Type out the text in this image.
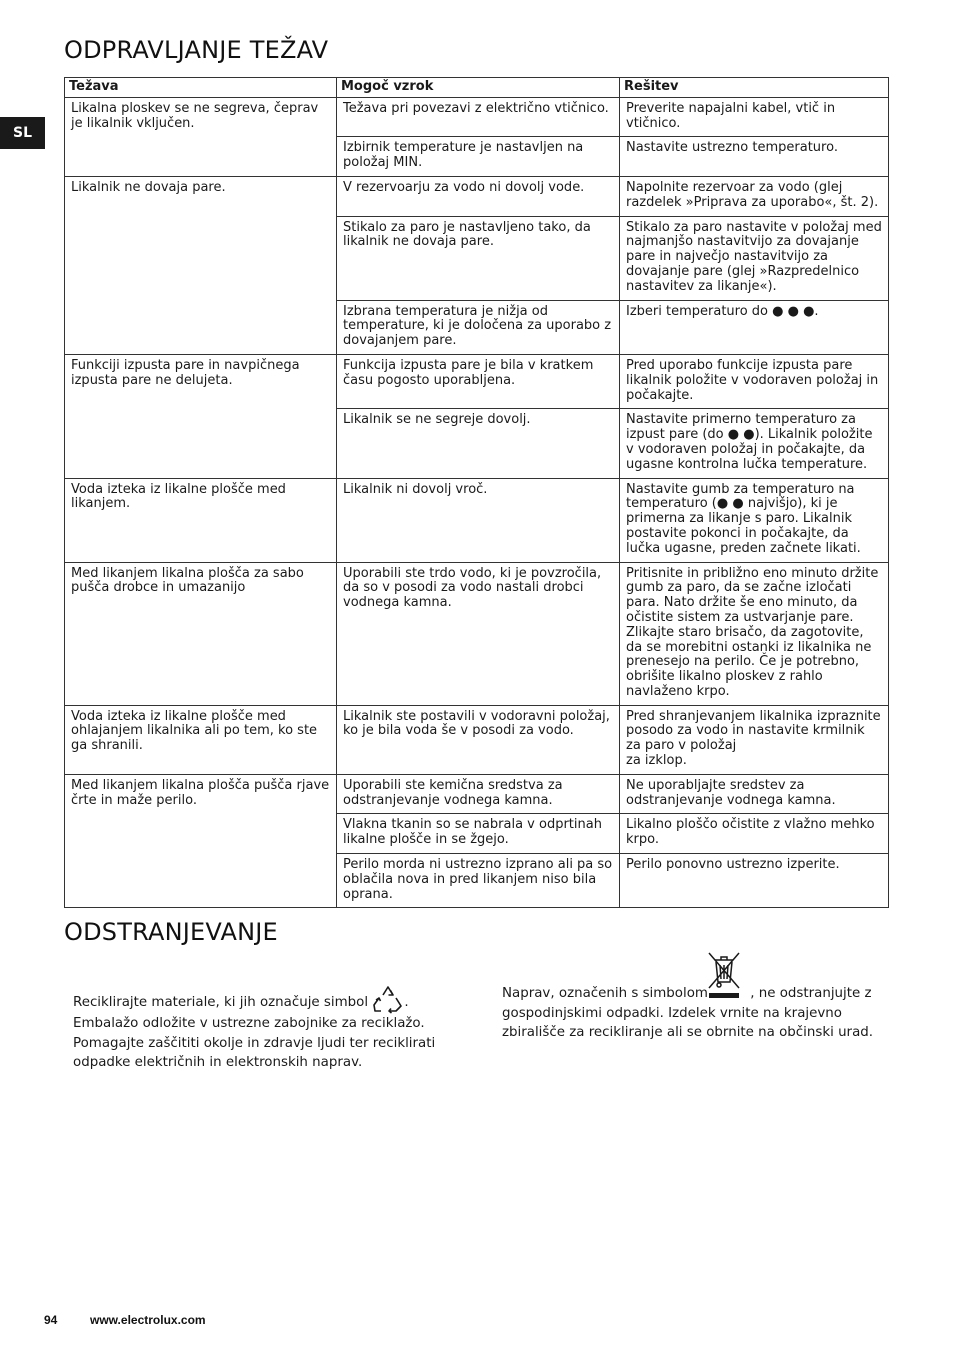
ODPRAVLJANJE TEŽAV
SL
Težava	Mogoč vzrok	Rešitev
Likalna ploskev se ne segreva, čeprav je likalnik vključen.	Težava pri povezavi z električno vtičnico.	Preverite napajalni kabel, vtič in vtičnico.
	Izbirnik temperature je nastavljen na položaj MIN.	Nastavite ustrezno temperaturo.
Likalnik ne dovaja pare.	V rezervoarju za vodo ni dovolj vode.	Napolnite rezervoar za vodo (glej razdelek »Priprava za uporabo«, št. 2).
	Stikalo za paro je nastavljeno tako, da likalnik ne dovaja pare.	Stikalo za paro nastavite v položaj med najmanjšo nastavitvijo za dovajanje pare in največjo nastavitvijo za dovajanje pare (glej »Razpredelnico nastavitev za likanje«).
	Izbrana temperatura je nižja od temperature, ki je določena za uporabo z dovajanjem pare.	Izberi temperaturo do ● ● ●.
Funkciji izpusta pare in navpičnega izpusta pare ne delujeta.	Funkcija izpusta pare je bila v kratkem času pogosto uporabljena.	Pred uporabo funkcije izpusta pare likalnik položite v vodoraven položaj in počakajte.
	Likalnik se ne segreje dovolj.	Nastavite primerno temperaturo za izpust pare (do ● ●). Likalnik položite v vodoraven položaj in počakajte, da ugasne kontrolna lučka temperature.
Voda izteka iz likalne plošče med likanjem.	Likalnik ni dovolj vroč.	Nastavite gumb za temperaturo na temperaturo (● ● najvišjo), ki je primerna za likanje s paro. Likalnik postavite pokonci in počakajte, da lučka ugasne, preden začnete likati.
Med likanjem likalna plošča za sabo pušča drobce in umazanijo	Uporabili ste trdo vodo, ki je povzročila, da so v posodi za vodo nastali drobci vodnega kamna.	Pritisnite in približno eno minuto držite gumb za paro, da se začne izločati para. Nato držite še eno minuto, da očistite sistem za ustvarjanje pare.
Zlikajte staro brisačo, da zagotovite, da se morebitni ostanki iz likalnika ne prenesejo na perilo. Če je potrebno, obrišite likalno ploskev z rahlo navlaženo krpo.
Voda izteka iz likalne plošče med ohlajanjem likalnika ali po tem, ko ste ga shranili.	Likalnik ste postavili v vodoravni položaj, ko je bila voda še v posodi za vodo.	Pred shranjevanjem likalnika izpraznite posodo za vodo in nastavite krmilnik za paro v položaj
za izklop.
Med likanjem likalna plošča pušča rjave črte in maže perilo.	Uporabili ste kemična sredstva za odstranjevanje vodnega kamna.	Ne uporabljajte sredstev za odstranjevanje vodnega kamna.
	Vlakna tkanin so se nabrala v odprtinah likalne plošče in se žgejo.	Likalno ploščo očistite z vlažno mehko krpo.
	Perilo morda ni ustrezno izprano ali pa so oblačila nova in pred likanjem niso bila oprana.	Perilo ponovno ustrezno izperite.
ODSTRANJEVANJE
Reciklirajte materiale, ki jih označuje simbol . Embalažo odložite v ustrezne zabojnike za reciklažo. Pomagajte zaščititi okolje in zdravje ljudi ter reciklirati odpadke električnih in elektronskih naprav.
Naprav, označenih s simbolom	, ne odstranjujte z gospodinjskimi odpadki. Izdelek vrnite na krajevno zbirališče za recikliranje ali se obrnite na občinski urad.
94	www.electrolux.com
